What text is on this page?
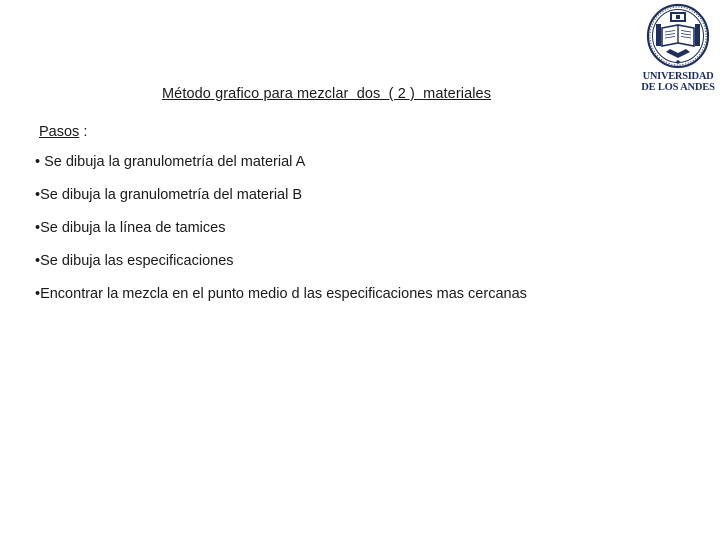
Método grafico para mezclar  dos  ( 2 )  materiales
Pasos :
• Se dibuja la granulometría del material A
•Se dibuja la granulometría del material B
•Se dibuja la línea de tamices
•Se dibuja las especificaciones
•Encontrar la mezcla en el punto medio d las especificaciones mas cercanas
UNIVERSIDAD
DE LOS ANDES
